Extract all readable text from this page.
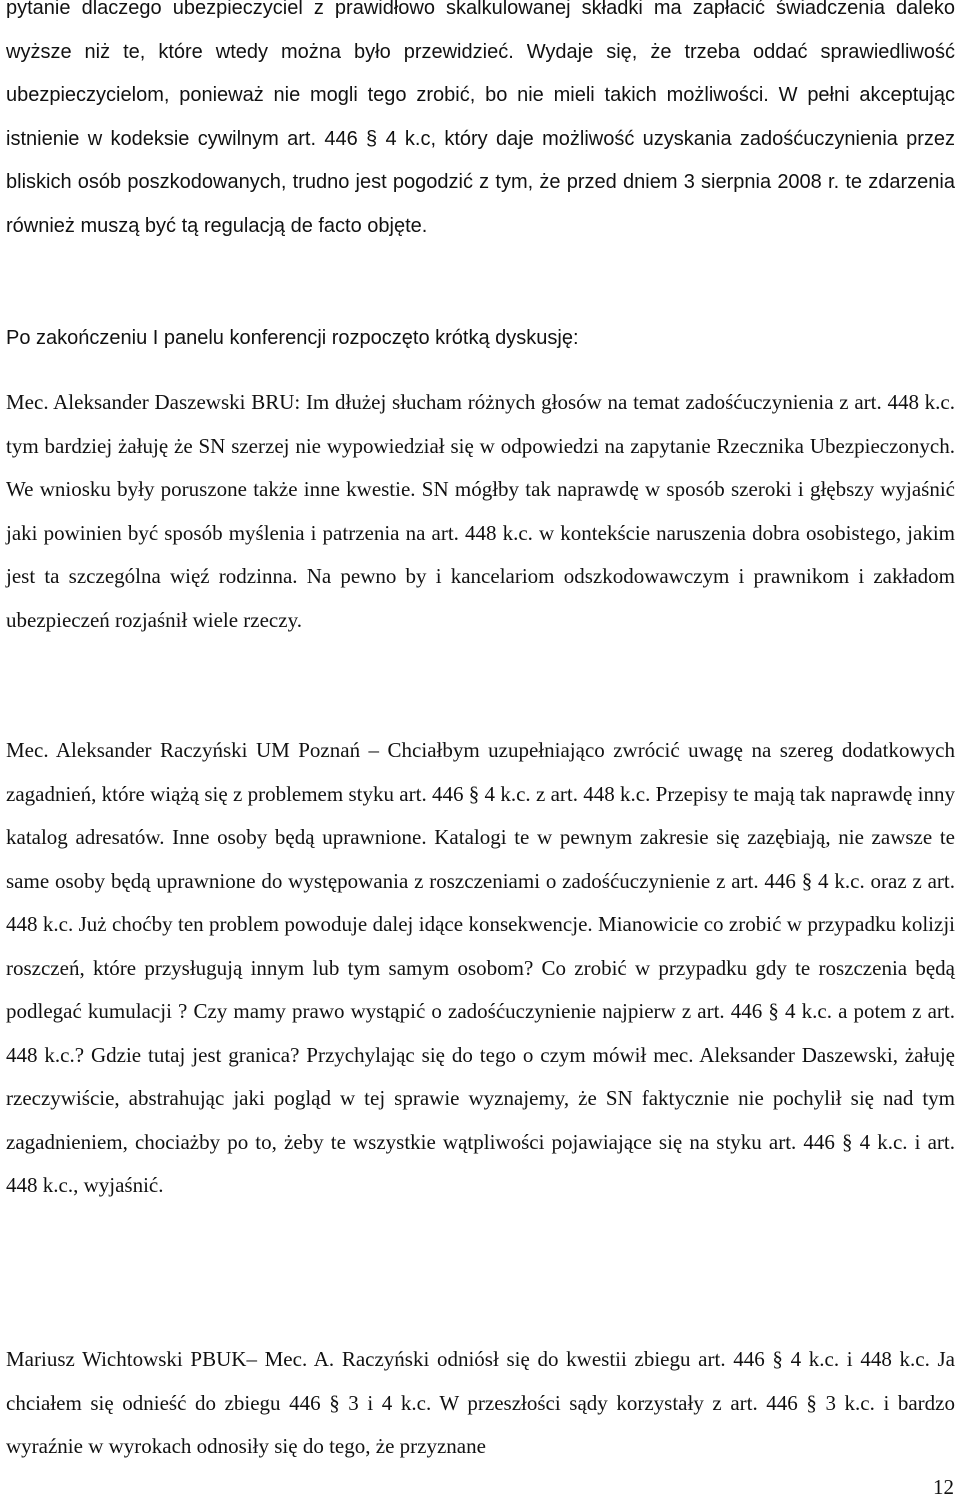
pytanie dlaczego ubezpieczyciel z prawidłowo skalkulowanej składki ma zapłacić świadczenia daleko wyższe niż te, które wtedy można było przewidzieć. Wydaje się, że trzeba oddać sprawiedliwość ubezpieczycielom, ponieważ nie mogli tego zrobić, bo nie mieli takich możliwości. W pełni akceptując istnienie w kodeksie cywilnym art. 446 § 4 k.c, który daje możliwość uzyskania zadośćuczynienia przez bliskich osób poszkodowanych, trudno jest pogodzić z tym, że przed dniem 3 sierpnia 2008 r. te zdarzenia również muszą być tą regulacją de facto objęte.

Po zakończeniu I panelu konferencji rozpoczęto krótką dyskusję:

Mec. Aleksander Daszewski BRU: Im dłużej słucham różnych głosów na temat zadośćuczynienia z art. 448 k.c. tym bardziej żałuję że SN szerzej nie wypowiedział się w odpowiedzi na zapytanie Rzecznika Ubezpieczonych. We wniosku były poruszone także inne kwestie. SN mógłby tak naprawdę w sposób szeroki i głębszy wyjaśnić jaki powinien być sposób myślenia i patrzenia na art. 448 k.c. w kontekście naruszenia dobra osobistego, jakim jest ta szczególna więź rodzinna. Na pewno by i kancelariom odszkodowawczym i prawnikom i zakładom ubezpieczeń rozjaśnił wiele rzeczy.

Mec. Aleksander Raczyński UM Poznań – Chciałbym uzupełniająco zwrócić uwagę na szereg dodatkowych zagadnień, które wiążą się z problemem styku art. 446 § 4 k.c. z art. 448 k.c. Przepisy te mają tak naprawdę inny katalog adresatów. Inne osoby będą uprawnione. Katalogi te w pewnym zakresie się zazębiają, nie zawsze te same osoby będą uprawnione do występowania z roszczeniami o zadośćuczynienie z art. 446 § 4 k.c. oraz z art. 448 k.c. Już choćby ten problem powoduje dalej idące konsekwencje. Mianowicie co zrobić w przypadku kolizji roszczeń, które przysługują innym lub tym samym osobom? Co zrobić w przypadku gdy te roszczenia będą podlegać kumulacji ? Czy mamy prawo wystąpić o zadośćuczynienie najpierw z art. 446 § 4 k.c. a potem z art. 448 k.c.? Gdzie tutaj jest granica? Przychylając się do tego o czym mówił mec. Aleksander Daszewski, żałuję rzeczywiście, abstrahując jaki pogląd w tej sprawie wyznajemy, że SN faktycznie nie pochylił się nad tym zagadnieniem, chociażby po to, żeby te wszystkie wątpliwości pojawiające się na styku art. 446 § 4 k.c. i art. 448 k.c., wyjaśnić.

Mariusz Wichtowski PBUK– Mec. A. Raczyński odniósł się do kwestii zbiegu art. 446 § 4 k.c. i 448 k.c. Ja chciałem się odnieść do zbiegu 446 § 3 i 4 k.c. W przeszłości sądy korzystały z art. 446 § 3 k.c. i bardzo wyraźnie w wyrokach odnosiły się do tego, że przyznane

12
